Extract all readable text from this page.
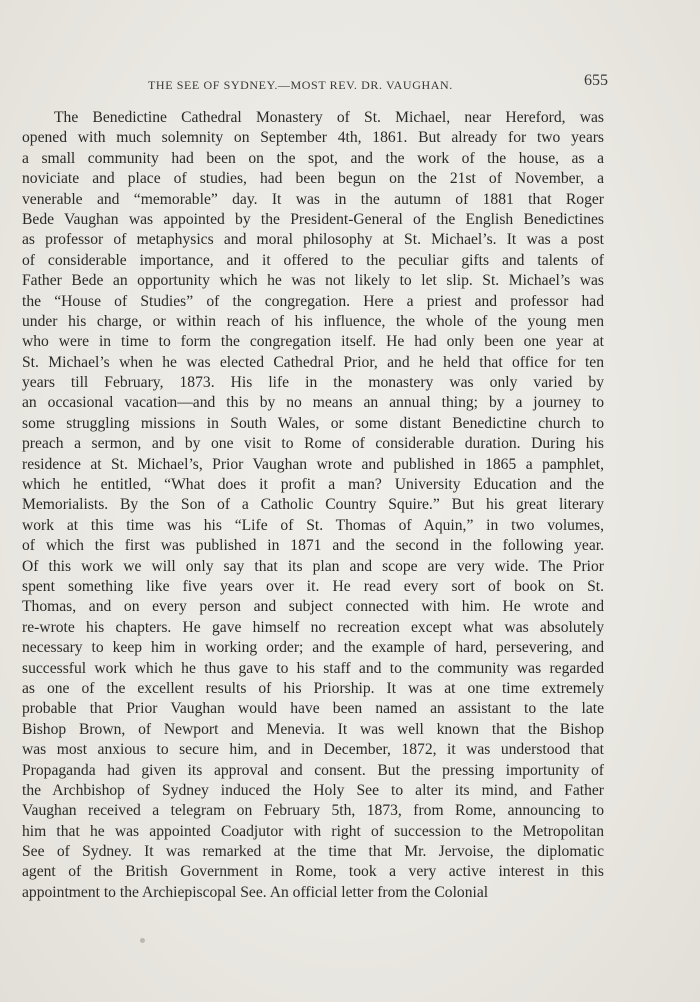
THE SEE OF SYDNEY.—MOST REV. DR. VAUGHAN.	655
The Benedictine Cathedral Monastery of St. Michael, near Hereford, was
opened with much solemnity on September 4th, 1861. But already for two years
a small community had been on the spot, and the work of the house, as a
noviciate and place of studies, had been begun on the 21st of November, a
venerable and “memorable” day. It was in the autumn of 1881 that Roger
Bede Vaughan was appointed by the President-General of the English Benedictines
as professor of metaphysics and moral philosophy at St. Michael’s. It was a post
of considerable importance, and it offered to the peculiar gifts and talents of
Father Bede an opportunity which he was not likely to let slip. St. Michael’s was
the “House of Studies” of the congregation. Here a priest and professor had
under his charge, or within reach of his influence, the whole of the young men
who were in time to form the congregation itself. He had only been one year at
St. Michael’s when he was elected Cathedral Prior, and he held that office for ten
years till February, 1873. His life in the monastery was only varied by
an occasional vacation—and this by no means an annual thing; by a journey to
some struggling missions in South Wales, or some distant Benedictine church to
preach a sermon, and by one visit to Rome of considerable duration. During his
residence at St. Michael’s, Prior Vaughan wrote and published in 1865 a pamphlet,
which he entitled, “What does it profit a man? University Education and the
Memorialists. By the Son of a Catholic Country Squire.” But his great literary
work at this time was his “Life of St. Thomas of Aquin,” in two volumes,
of which the first was published in 1871 and the second in the following year.
Of this work we will only say that its plan and scope are very wide. The Prior
spent something like five years over it. He read every sort of book on St.
Thomas, and on every person and subject connected with him. He wrote and
re-wrote his chapters. He gave himself no recreation except what was absolutely
necessary to keep him in working order; and the example of hard, persevering, and
successful work which he thus gave to his staff and to the community was regarded
as one of the excellent results of his Priorship. It was at one time extremely
probable that Prior Vaughan would have been named an assistant to the late
Bishop Brown, of Newport and Menevia. It was well known that the Bishop
was most anxious to secure him, and in December, 1872, it was understood that
Propaganda had given its approval and consent. But the pressing importunity of
the Archbishop of Sydney induced the Holy See to alter its mind, and Father
Vaughan received a telegram on February 5th, 1873, from Rome, announcing to
him that he was appointed Coadjutor with right of succession to the Metropolitan
See of Sydney. It was remarked at the time that Mr. Jervoise, the diplomatic
agent of the British Government in Rome, took a very active interest in this
appointment to the Archiepiscopal See. An official letter from the Colonial
